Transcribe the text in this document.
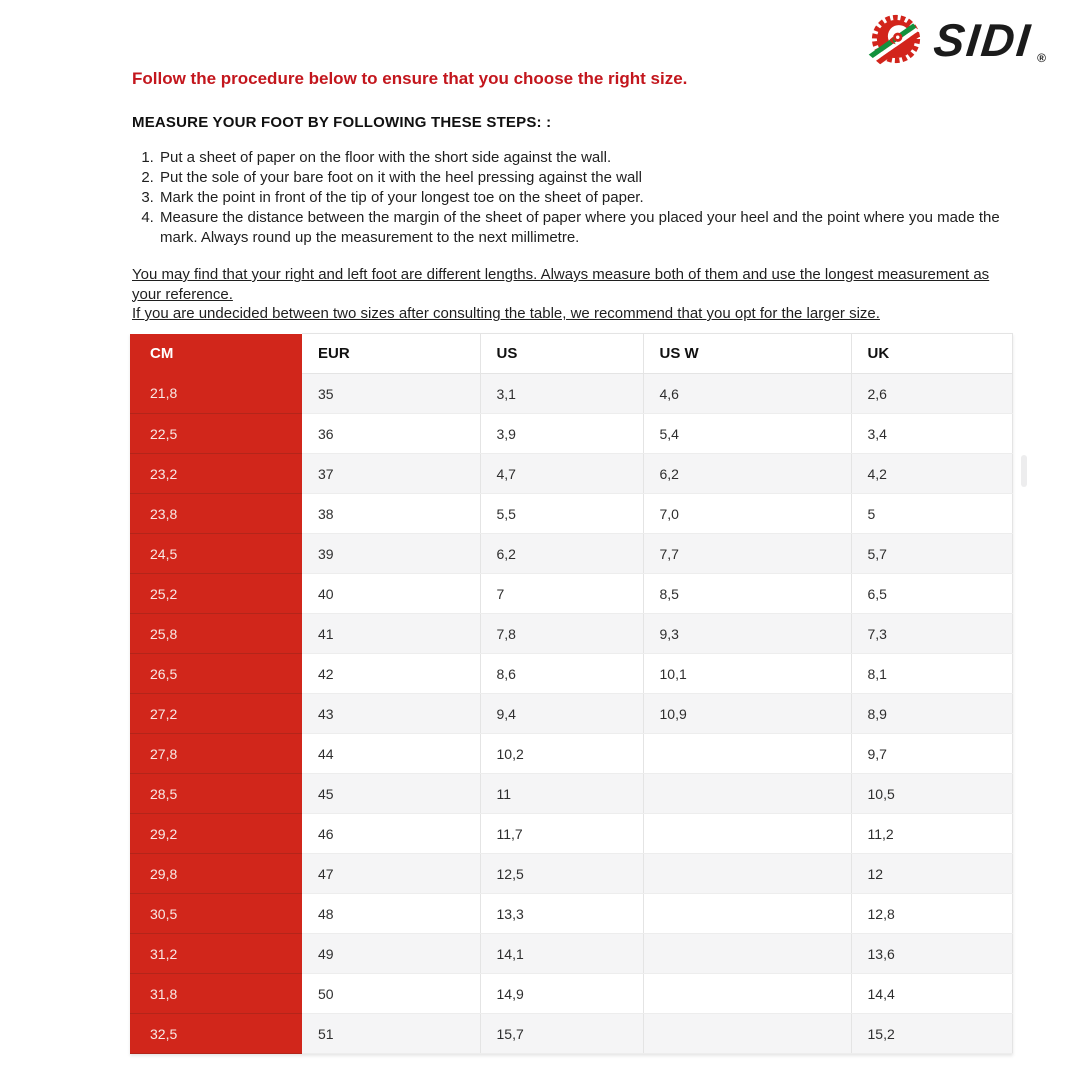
SIDI ®

Follow the procedure below to ensure that you choose the right size.

MEASURE YOUR FOOT BY FOLLOWING THESE STEPS: :

1. Put a sheet of paper on the floor with the short side against the wall.
2. Put the sole of your bare foot on it with the heel pressing against the wall
3. Mark the point in front of the tip of your longest toe on the sheet of paper.
4. Measure the distance between the margin of the sheet of paper where you placed your heel and the point where you made the mark. Always round up the measurement to the next millimetre.

You may find that your right and left foot are different lengths. Always measure both of them and use the longest measurement as your reference.

If you are undecided between two sizes after consulting the table, we recommend that you opt for the larger size.

CM	EUR	US	US W	UK
21,8	35	3,1	4,6	2,6
22,5	36	3,9	5,4	3,4
23,2	37	4,7	6,2	4,2
23,8	38	5,5	7,0	5
24,5	39	6,2	7,7	5,7
25,2	40	7	8,5	6,5
25,8	41	7,8	9,3	7,3
26,5	42	8,6	10,1	8,1
27,2	43	9,4	10,9	8,9
27,8	44	10,2		9,7
28,5	45	11		10,5
29,2	46	11,7		11,2
29,8	47	12,5		12
30,5	48	13,3		12,8
31,2	49	14,1		13,6
31,8	50	14,9		14,4
32,5	51	15,7		15,2
